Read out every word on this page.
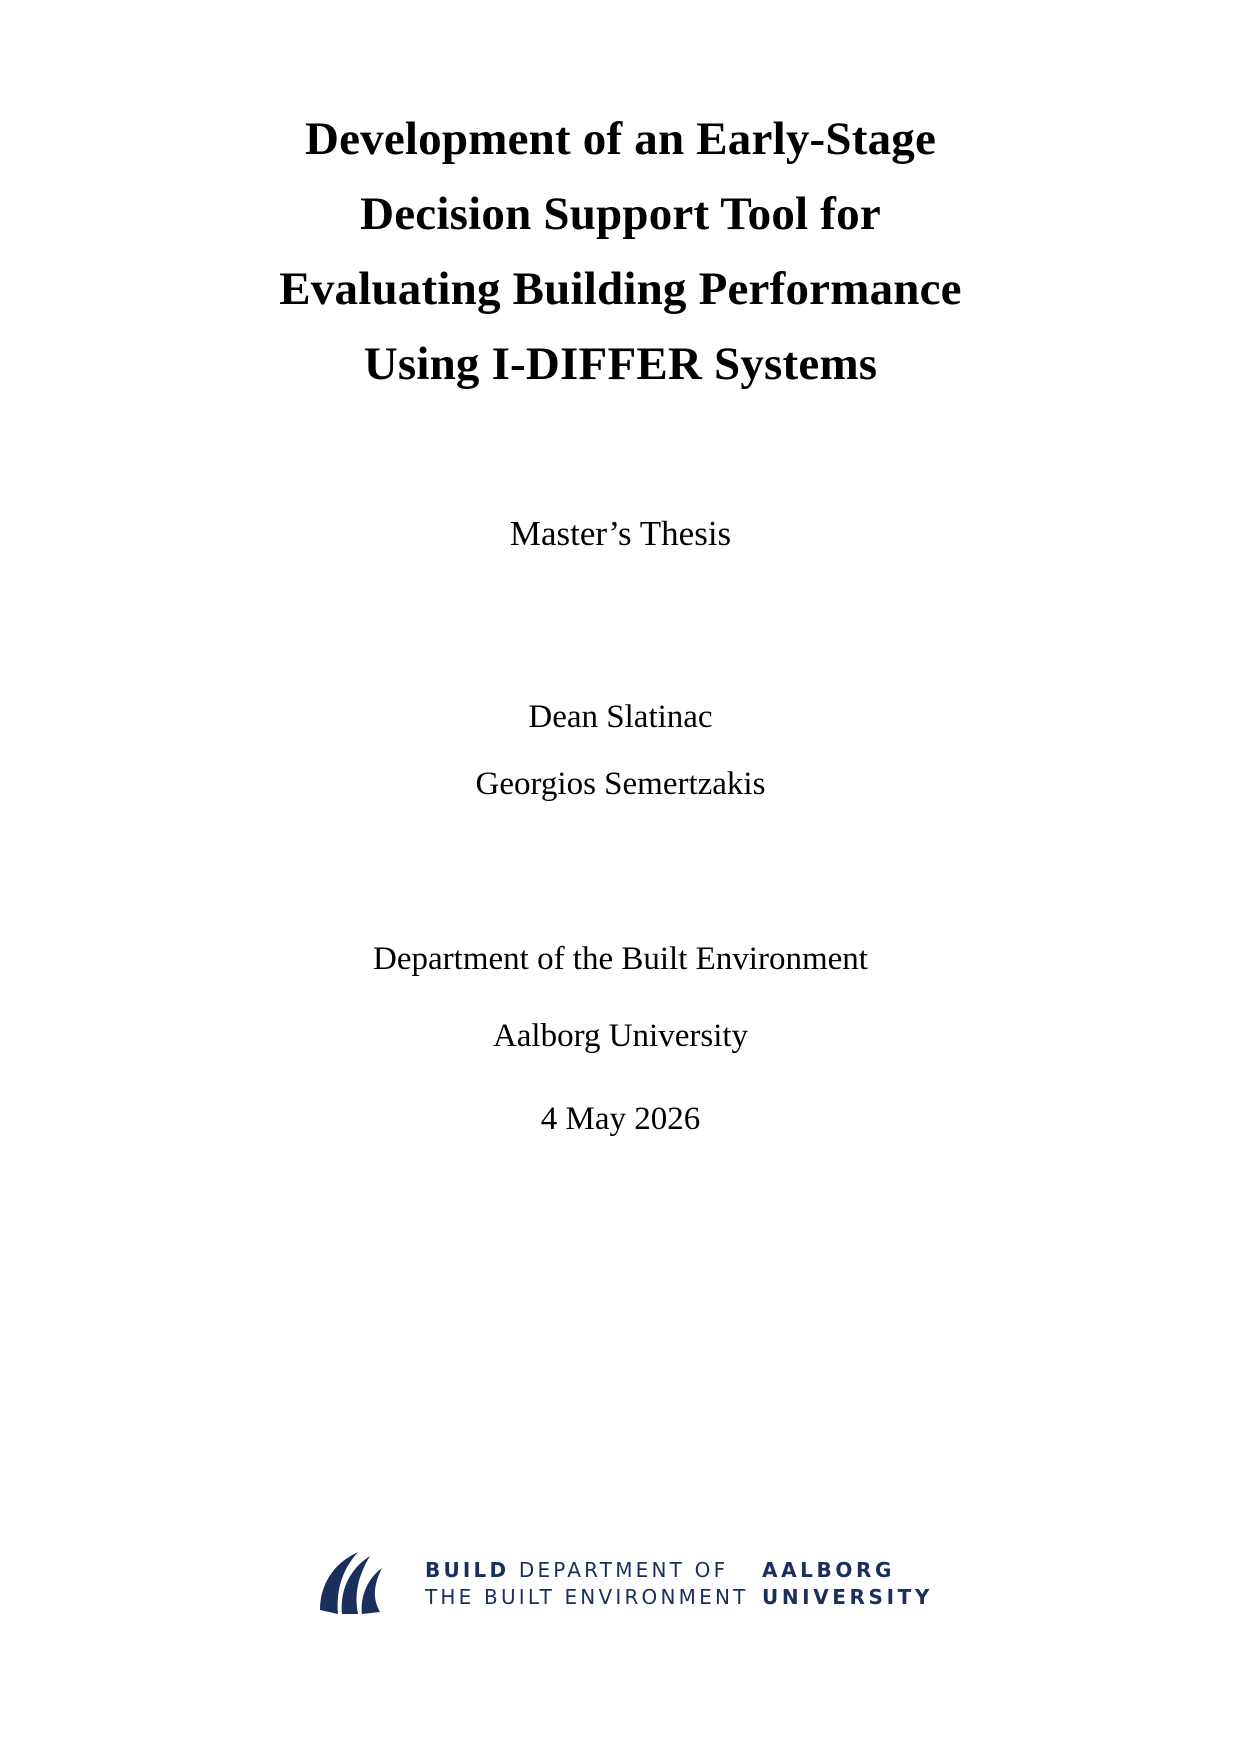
Development of an Early-Stage
Decision Support Tool for
Evaluating Building Performance
Using I-DIFFER Systems
Master’s Thesis
Dean Slatinac
Georgios Semertzakis
Department of the Built Environment
Aalborg University
4 May 2026
BUILD DEPARTMENT OF
THE BUILT ENVIRONMENT
AALBORG
UNIVERSITY
